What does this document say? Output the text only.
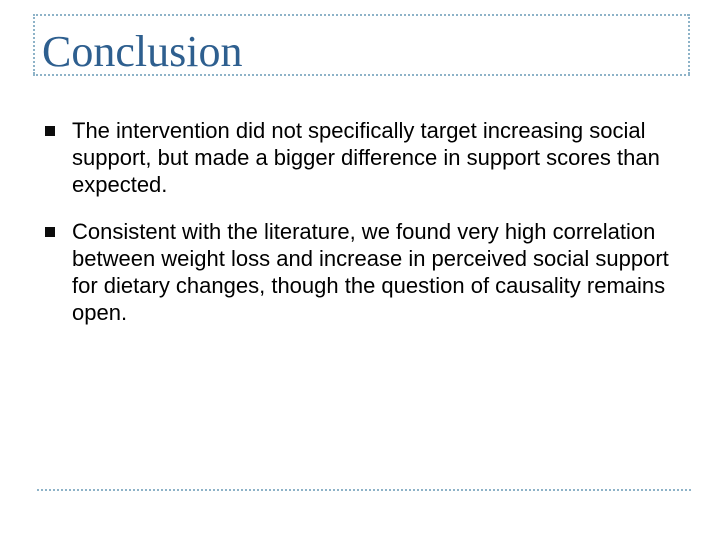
Conclusion
The intervention did not specifically target increasing social support, but made a bigger difference in support scores than expected.
Consistent with the literature, we found very high correlation between weight loss and increase in perceived social support for dietary changes, though the question of causality remains open.
